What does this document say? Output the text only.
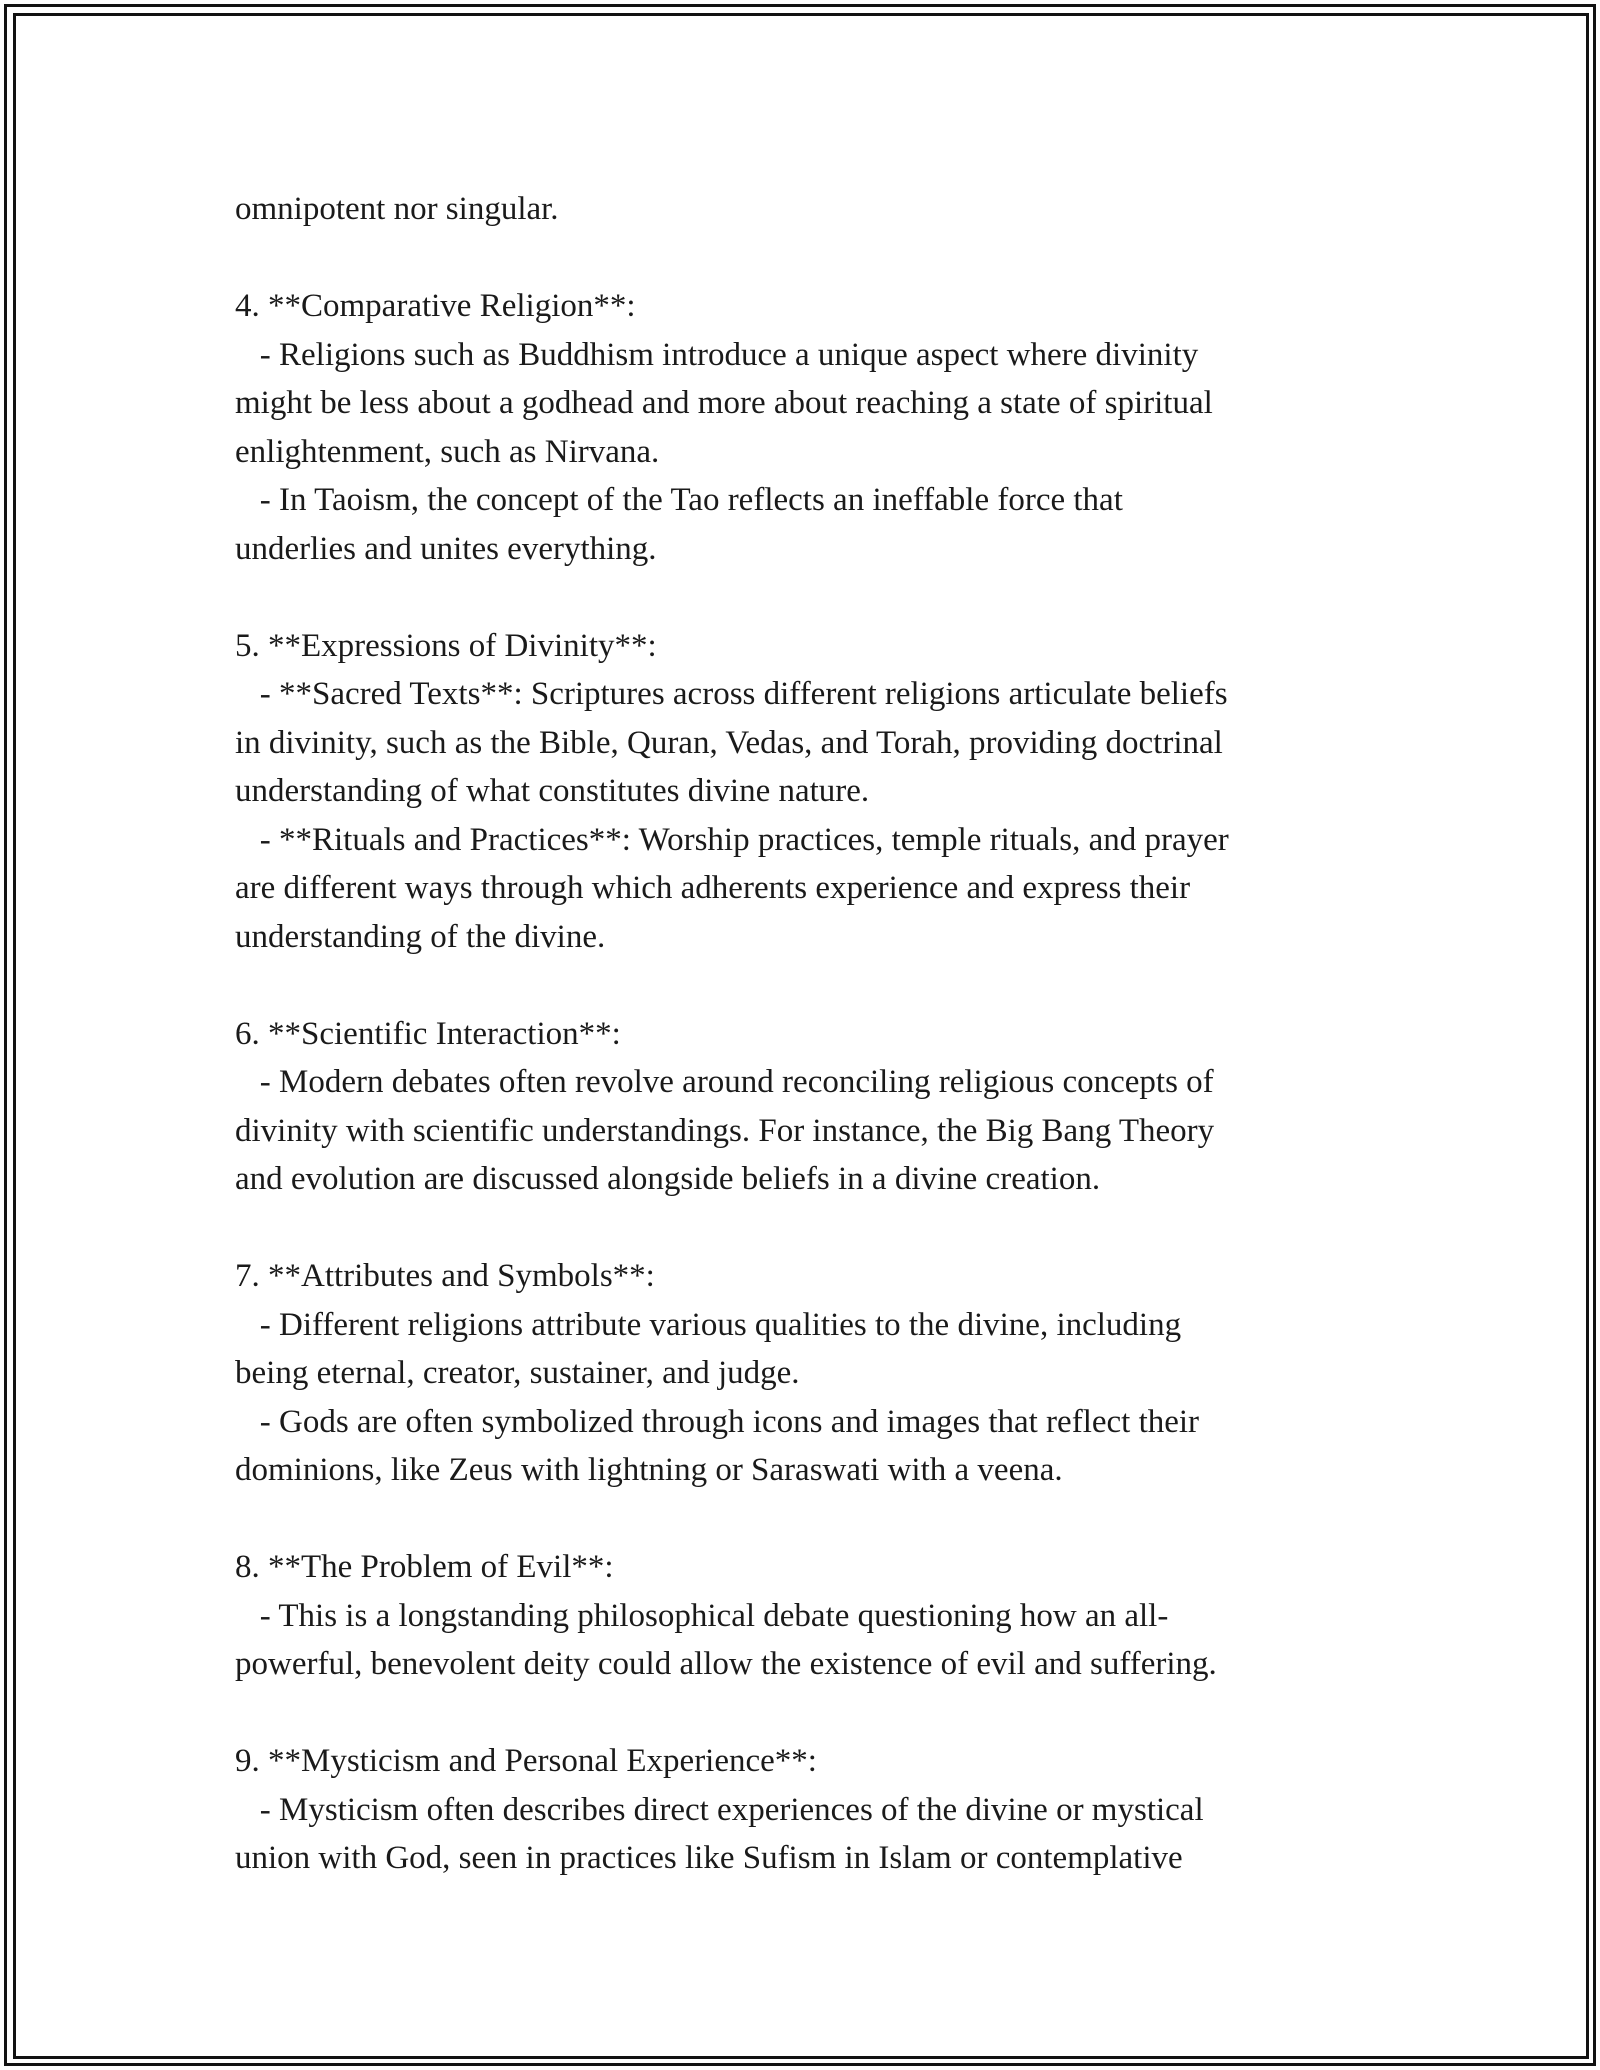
omnipotent nor singular.
4. **Comparative Religion**:
- Religions such as Buddhism introduce a unique aspect where divinity
might be less about a godhead and more about reaching a state of spiritual
enlightenment, such as Nirvana.
- In Taoism, the concept of the Tao reflects an ineffable force that
underlies and unites everything.
5. **Expressions of Divinity**:
- **Sacred Texts**: Scriptures across different religions articulate beliefs
in divinity, such as the Bible, Quran, Vedas, and Torah, providing doctrinal
understanding of what constitutes divine nature.
- **Rituals and Practices**: Worship practices, temple rituals, and prayer
are different ways through which adherents experience and express their
understanding of the divine.
6. **Scientific Interaction**:
- Modern debates often revolve around reconciling religious concepts of
divinity with scientific understandings. For instance, the Big Bang Theory
and evolution are discussed alongside beliefs in a divine creation.
7. **Attributes and Symbols**:
- Different religions attribute various qualities to the divine, including
being eternal, creator, sustainer, and judge.
- Gods are often symbolized through icons and images that reflect their
dominions, like Zeus with lightning or Saraswati with a veena.
8. **The Problem of Evil**:
- This is a longstanding philosophical debate questioning how an all-
powerful, benevolent deity could allow the existence of evil and suffering.
9. **Mysticism and Personal Experience**:
- Mysticism often describes direct experiences of the divine or mystical
union with God, seen in practices like Sufism in Islam or contemplative
